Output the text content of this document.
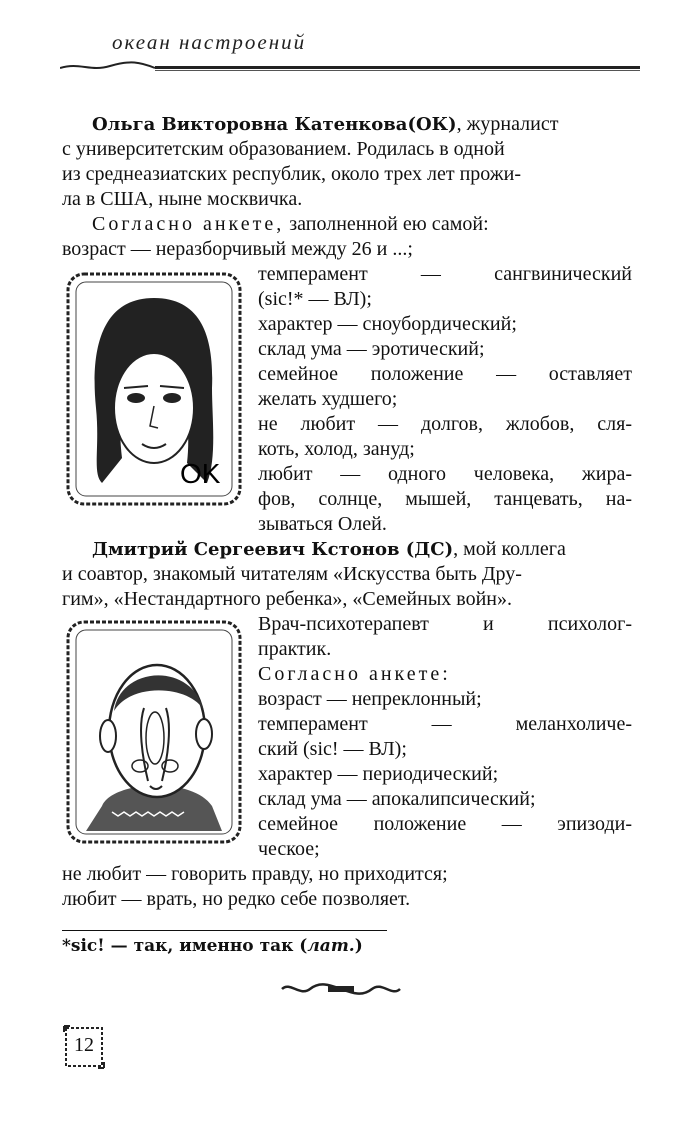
океан настроений
Ольга Викторовна Катенкова(ОК), журналист
с университетским образованием. Родилась в одной
из среднеазиатских республик, около трех лет прожи-
ла в США, ныне москвичка.
Согласно анкете, заполненной ею самой:
возраст — неразборчивый между 26 и ...;
OK
темперамент — сангвинический
(sic!* — ВЛ);
характер — сноубордический;
склад ума — эротический;
семейное положение — оставляет
желать худшего;
не любит — долгов, жлобов, сля-
коть, холод, зануд;
любит — одного человека, жира-
фов, солнце, мышей, танцевать, на-
зываться Олей.
Дмитрий Сергеевич Кстонов (ДС), мой коллега
и соавтор, знакомый читателям «Искусства быть Дру-
гим», «Нестандартного ребенка», «Семейных войн».
Врач-психотерапевт и психолог-
практик.
Согласно анкете:
возраст — непреклонный;
темперамент — меланхоличе-
ский (sic! — ВЛ);
характер — периодический;
склад ума — апокалипсический;
семейное положение — эпизоди-
ческое;
не любит — говорить правду, но приходится;
любит — врать, но редко себе позволяет.
*sic! — так, именно так (лат.)
12
